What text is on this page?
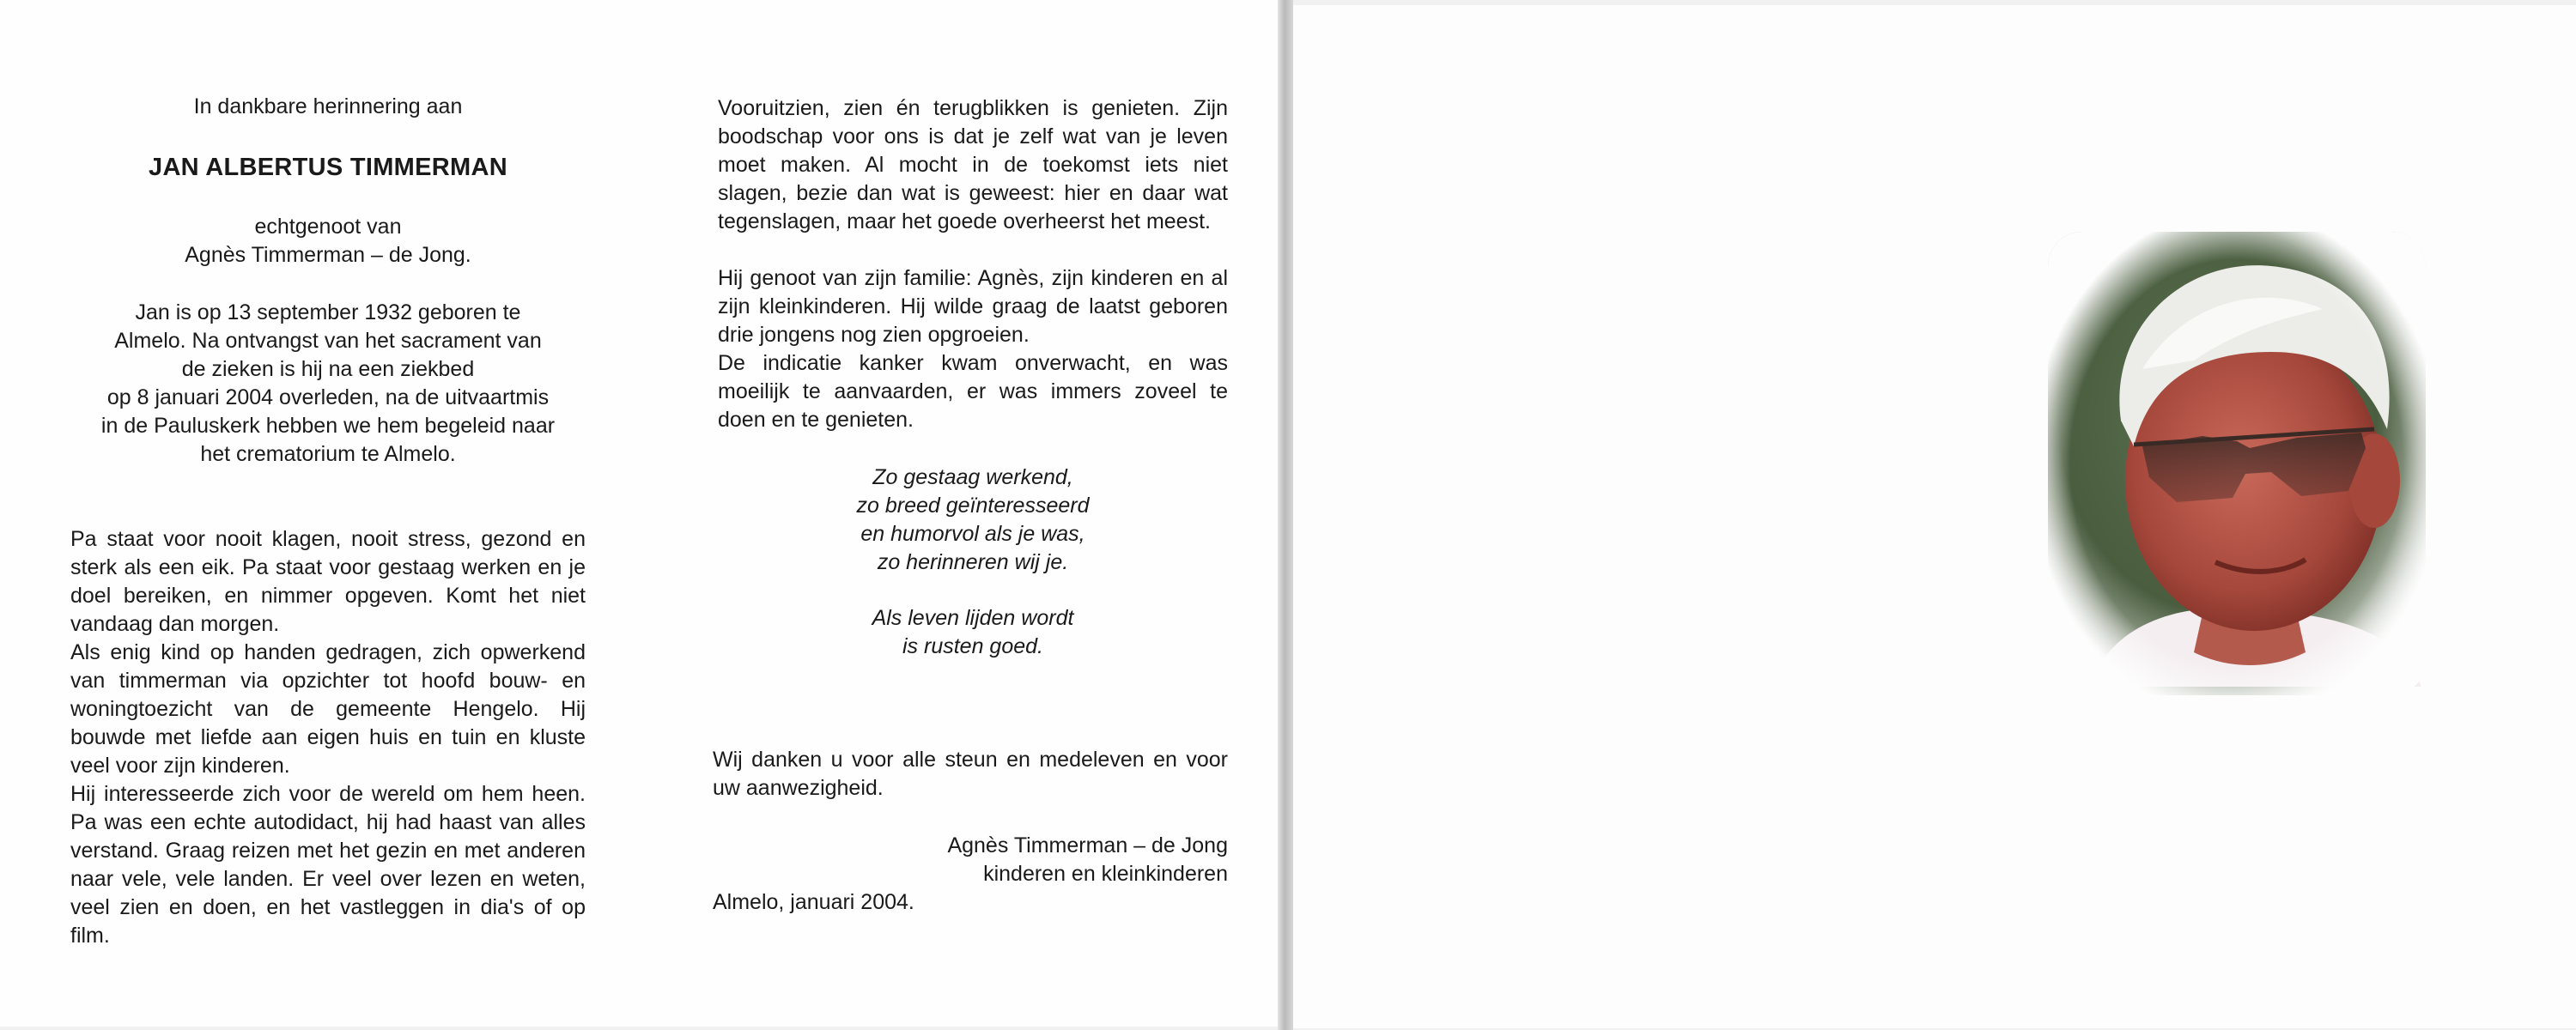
In dankbare herinnering aan

JAN ALBERTUS TIMMERMAN

echtgenoot van

Agnès Timmerman – de Jong.

Jan is op 13 september 1932 geboren te
Almelo. Na ontvangst van het sacrament van
de zieken is hij na een ziekbed
op 8 januari 2004 overleden, na de uitvaartmis
in de Pauluskerk hebben we hem begeleid naar
het crematorium te Almelo.

Pa staat voor nooit klagen, nooit stress, gezond en sterk als een eik. Pa staat voor gestaag werken en je doel bereiken, en nimmer opgeven. Komt het niet vandaag dan morgen.

Als enig kind op handen gedragen, zich opwerkend van timmerman via opzichter tot hoofd bouw- en woningtoezicht van de gemeente Hengelo. Hij bouwde met liefde aan eigen huis en tuin en kluste veel voor zijn kinderen.

Hij interesseerde zich voor de wereld om hem heen. Pa was een echte autodidact, hij had haast van alles verstand. Graag reizen met het gezin en met anderen naar vele, vele landen. Er veel over lezen en weten, veel zien en doen, en het vastleggen in dia's of op film.

Vooruitzien, zien én terugblikken is genieten. Zijn boodschap voor ons is dat je zelf wat van je leven moet maken. Al mocht in de toekomst iets niet slagen, bezie dan wat is geweest: hier en daar wat tegenslagen, maar het goede overheerst het meest.

Hij genoot van zijn familie: Agnès, zijn kinderen en al zijn kleinkinderen. Hij wilde graag de laatst geboren drie jongens nog zien opgroeien.

De indicatie kanker kwam onverwacht, en was moeilijk te aanvaarden, er was immers zoveel te doen en te genieten.

Zo gestaag werkend,
zo breed geïnteresseerd
en humorvol als je was,
zo herinneren wij je.

Als leven lijden wordt
is rusten goed.

Wij danken u voor alle steun en medeleven en voor uw aanwezigheid.

Agnès Timmerman – de Jong
kinderen en kleinkinderen

Almelo, januari 2004.
